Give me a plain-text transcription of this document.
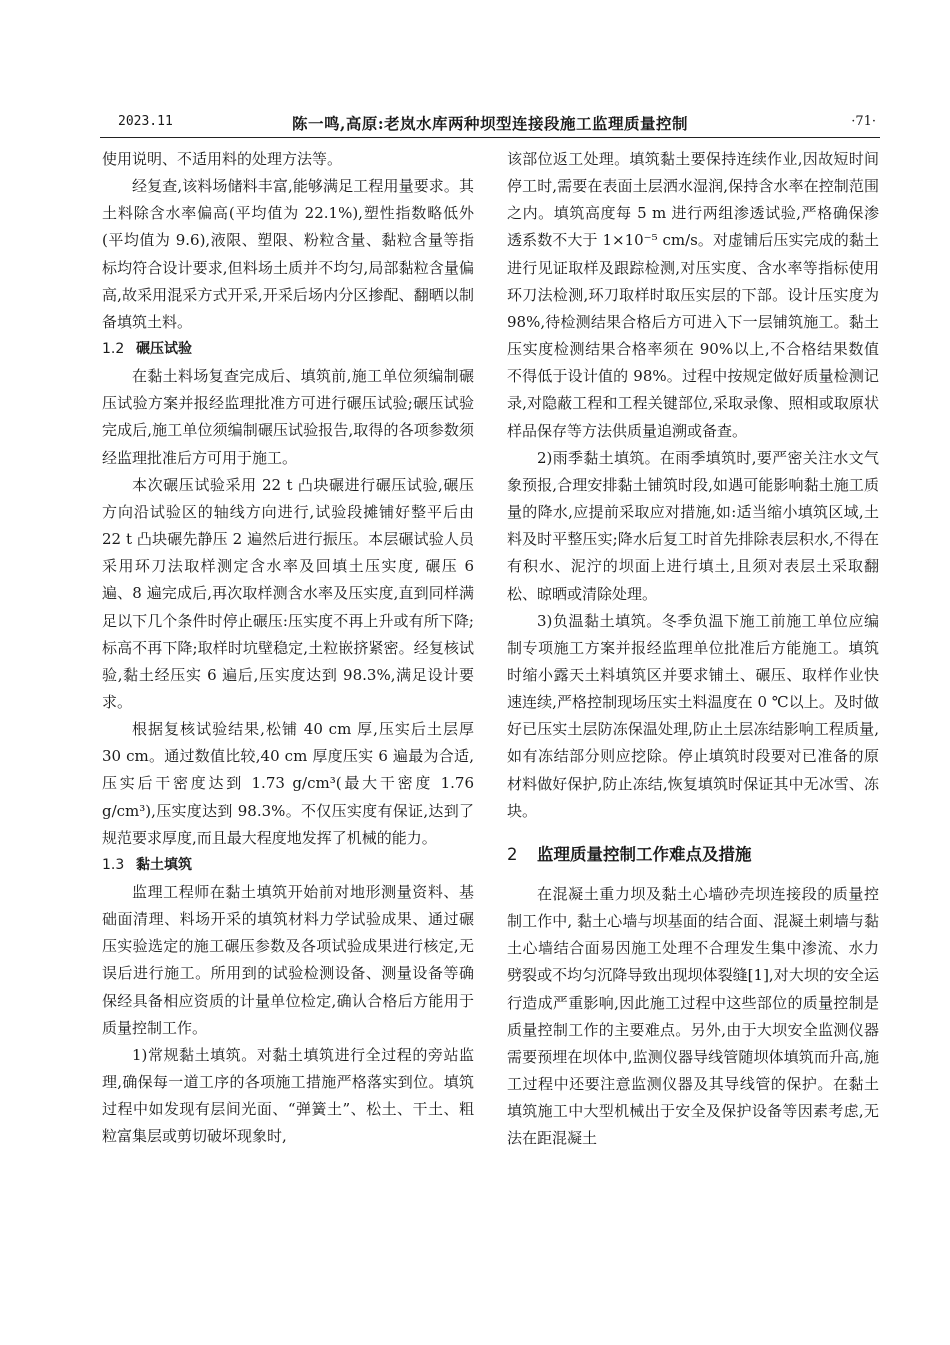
2023.11	陈一鸣,高原:老岚水库两种坝型连接段施工监理质量控制	·71·

使用说明、不适用料的处理方法等。

经复查,该料场储料丰富,能够满足工程用量要求。其土料除含水率偏高(平均值为 22.1%),塑性指数略低外(平均值为 9.6),液限、塑限、粉粒含量、黏粒含量等指标均符合设计要求,但料场土质并不均匀,局部黏粒含量偏高,故采用混采方式开采,开采后场内分区掺配、翻晒以制备填筑土料。

1.2 碾压试验

在黏土料场复查完成后、填筑前,施工单位须编制碾压试验方案并报经监理批准方可进行碾压试验;碾压试验完成后,施工单位须编制碾压试验报告,取得的各项参数须经监理批准后方可用于施工。

本次碾压试验采用 22 t 凸块碾进行碾压试验,碾压方向沿试验区的轴线方向进行,试验段摊铺好整平后由 22 t 凸块碾先静压 2 遍然后进行振压。本层碾试验人员采用环刀法取样测定含水率及回填土压实度, 碾压 6 遍、8 遍完成后,再次取样测含水率及压实度,直到同样满足以下几个条件时停止碾压:压实度不再上升或有所下降;标高不再下降;取样时坑壁稳定,土粒嵌挤紧密。经复核试验,黏土经压实 6 遍后,压实度达到 98.3%,满足设计要求。

根据复核试验结果,松铺 40 cm 厚,压实后土层厚 30 cm。通过数值比较,40 cm 厚度压实 6 遍最为合适,压实后干密度达到 1.73 g/cm³(最大干密度 1.76 g/cm³),压实度达到 98.3%。不仅压实度有保证,达到了规范要求厚度,而且最大程度地发挥了机械的能力。

1.3 黏土填筑

监理工程师在黏土填筑开始前对地形测量资料、基础面清理、料场开采的填筑材料力学试验成果、通过碾压实验选定的施工碾压参数及各项试验成果进行核定,无误后进行施工。所用到的试验检测设备、测量设备等确保经具备相应资质的计量单位检定,确认合格后方能用于质量控制工作。

1)常规黏土填筑。对黏土填筑进行全过程的旁站监理,确保每一道工序的各项施工措施严格落实到位。填筑过程中如发现有层间光面、“弹簧土”、松土、干土、粗粒富集层或剪切破坏现象时,

该部位返工处理。填筑黏土要保持连续作业,因故短时间停工时,需要在表面土层洒水湿润,保持含水率在控制范围之内。填筑高度每 5 m 进行两组渗透试验,严格确保渗透系数不大于 1×10⁻⁵ cm/s。对虚铺后压实完成的黏土进行见证取样及跟踪检测,对压实度、含水率等指标使用环刀法检测,环刀取样时取压实层的下部。设计压实度为 98%,待检测结果合格后方可进入下一层铺筑施工。黏土压实度检测结果合格率须在 90%以上,不合格结果数值不得低于设计值的 98%。过程中按规定做好质量检测记录,对隐蔽工程和工程关键部位,采取录像、照相或取原状样品保存等方法供质量追溯或备查。

2)雨季黏土填筑。在雨季填筑时,要严密关注水文气象预报,合理安排黏土铺筑时段,如遇可能影响黏土施工质量的降水,应提前采取应对措施,如:适当缩小填筑区域,土料及时平整压实;降水后复工时首先排除表层积水,不得在有积水、泥泞的坝面上进行填土,且须对表层土采取翻松、晾晒或清除处理。

3)负温黏土填筑。冬季负温下施工前施工单位应编制专项施工方案并报经监理单位批准后方能施工。填筑时缩小露天土料填筑区并要求铺土、碾压、取样作业快速连续,严格控制现场压实土料温度在 0 ℃以上。及时做好已压实土层防冻保温处理,防止土层冻结影响工程质量,如有冻结部分则应挖除。停止填筑时段要对已准备的原材料做好保护,防止冻结,恢复填筑时保证其中无冰雪、冻块。

2 监理质量控制工作难点及措施

在混凝土重力坝及黏土心墙砂壳坝连接段的质量控制工作中, 黏土心墙与坝基面的结合面、混凝土刺墙与黏土心墙结合面易因施工处理不合理发生集中渗流、水力劈裂或不均匀沉降导致出现坝体裂缝[1],对大坝的安全运行造成严重影响,因此施工过程中这些部位的质量控制是质量控制工作的主要难点。另外,由于大坝安全监测仪器需要预埋在坝体中,监测仪器导线管随坝体填筑而升高,施工过程中还要注意监测仪器及其导线管的保护。在黏土填筑施工中大型机械出于安全及保护设备等因素考虑,无法在距混凝土
